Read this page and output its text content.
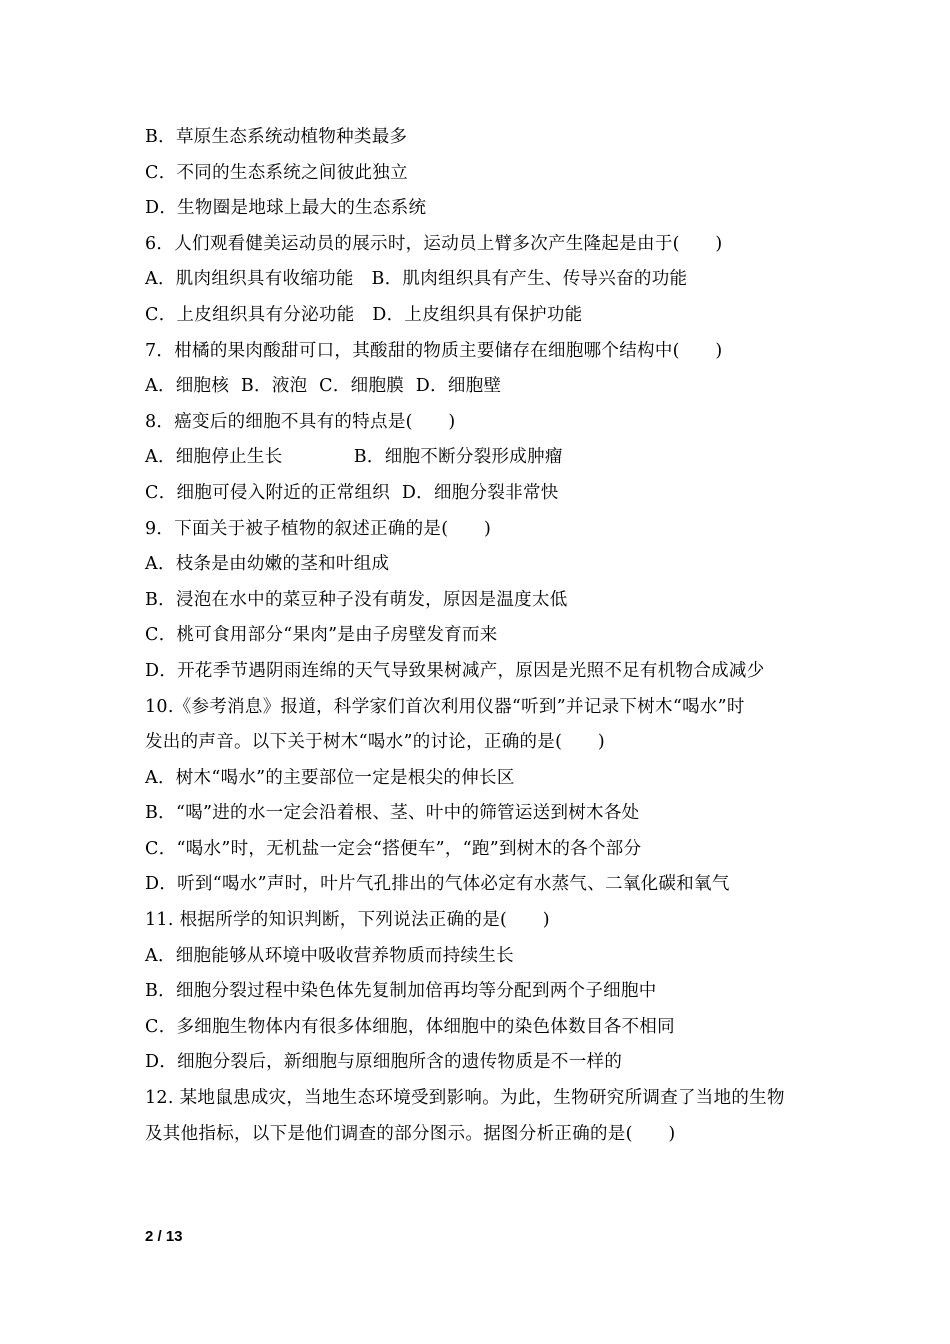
B．草原生态系统动植物种类最多
C．不同的生态系统之间彼此独立
D．生物圈是地球上最大的生态系统
6．人们观看健美运动员的展示时，运动员上臂多次产生隆起是由于(　　)
A．肌肉组织具有收缩功能　B．肌肉组织具有产生、传导兴奋的功能
C．上皮组织具有分泌功能　D．上皮组织具有保护功能
7．柑橘的果肉酸甜可口，其酸甜的物质主要储存在细胞哪个结构中(　　)
A．细胞核  B．液泡  C．细胞膜  D．细胞壁
8．癌变后的细胞不具有的特点是(　　)
A．细胞停止生长　　　　B．细胞不断分裂形成肿瘤
C．细胞可侵入附近的正常组织  D．细胞分裂非常快
9．下面关于被子植物的叙述正确的是(　　)
A．枝条是由幼嫩的茎和叶组成
B．浸泡在水中的菜豆种子没有萌发，原因是温度太低
C．桃可食用部分“果肉”是由子房壁发育而来
D．开花季节遇阴雨连绵的天气导致果树减产，原因是光照不足有机物合成减少
10.《参考消息》报道，科学家们首次利用仪器“听到”并记录下树木“喝水”时
发出的声音。以下关于树木“喝水”的讨论，正确的是(　　)
A．树木“喝水”的主要部位一定是根尖的伸长区
B．“喝”进的水一定会沿着根、茎、叶中的筛管运送到树木各处
C．“喝水”时，无机盐一定会“搭便车”，“跑”到树木的各个部分
D．听到“喝水”声时，叶片气孔排出的气体必定有水蒸气、二氧化碳和氧气
11. 根据所学的知识判断，下列说法正确的是(　　)
A．细胞能够从环境中吸收营养物质而持续生长
B．细胞分裂过程中染色体先复制加倍再均等分配到两个子细胞中
C．多细胞生物体内有很多体细胞，体细胞中的染色体数目各不相同
D．细胞分裂后，新细胞与原细胞所含的遗传物质是不一样的
12. 某地鼠患成灾，当地生态环境受到影响。为此，生物研究所调查了当地的生物
及其他指标，以下是他们调查的部分图示。据图分析正确的是(　　)
2 / 13
